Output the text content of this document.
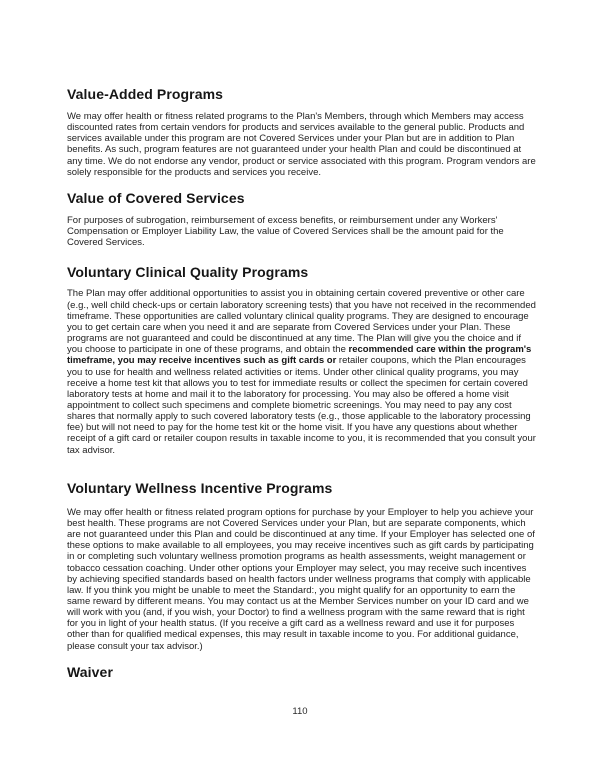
Value-Added Programs

We may offer health or fitness related programs to the Plan's Members, through which Members may access discounted rates from certain vendors for products and services available to the general public. Products and services available under this program are not Covered Services under your Plan but are in addition to Plan benefits. As such, program features are not guaranteed under your health Plan and could be discontinued at any time. We do not endorse any vendor, product or service associated with this program. Program vendors are solely responsible for the products and services you receive.

Value of Covered Services

For purposes of subrogation, reimbursement of excess benefits, or reimbursement under any Workers' Compensation or Employer Liability Law, the value of Covered Services shall be the amount paid for the Covered Services.

Voluntary Clinical Quality Programs

The Plan may offer additional opportunities to assist you in obtaining certain covered preventive or other care (e.g., well child check-ups or certain laboratory screening tests) that you have not received in the recommended timeframe. These opportunities are called voluntary clinical quality programs. They are designed to encourage you to get certain care when you need it and are separate from Covered Services under your Plan. These programs are not guaranteed and could be discontinued at any time. The Plan will give you the choice and if you choose to participate in one of these programs, and obtain the recommended care within the program's timeframe, you may receive incentives such as gift cards or retailer coupons, which the Plan encourages you to use for health and wellness related activities or items. Under other clinical quality programs, you may receive a home test kit that allows you to test for immediate results or collect the specimen for certain covered laboratory tests at home and mail it to the laboratory for processing. You may also be offered a home visit appointment to collect such specimens and complete biometric screenings. You may need to pay any cost shares that normally apply to such covered laboratory tests (e.g., those applicable to the laboratory processing fee) but will not need to pay for the home test kit or the home visit. If you have any questions about whether receipt of a gift card or retailer coupon results in taxable income to you, it is recommended that you consult your tax advisor.

Voluntary Wellness Incentive Programs

We may offer health or fitness related program options for purchase by your Employer to help you achieve your best health. These programs are not Covered Services under your Plan, but are separate components, which are not guaranteed under this Plan and could be discontinued at any time. If your Employer has selected one of these options to make available to all employees, you may receive incentives such as gift cards by participating in or completing such voluntary wellness promotion programs as health assessments, weight management or tobacco cessation coaching. Under other options your Employer may select, you may receive such incentives by achieving specified standards based on health factors under wellness programs that comply with applicable law. If you think you might be unable to meet the Standard:, you might qualify for an opportunity to earn the same reward by different means. You may contact us at the Member Services number on your ID card and we will work with you (and, if you wish, your Doctor) to find a wellness program with the same reward that is right for you in light of your health status. (If you receive a gift card as a wellness reward and use it for purposes other than for qualified medical expenses, this may result in taxable income to you. For additional guidance, please consult your tax advisor.)

Waiver
110
